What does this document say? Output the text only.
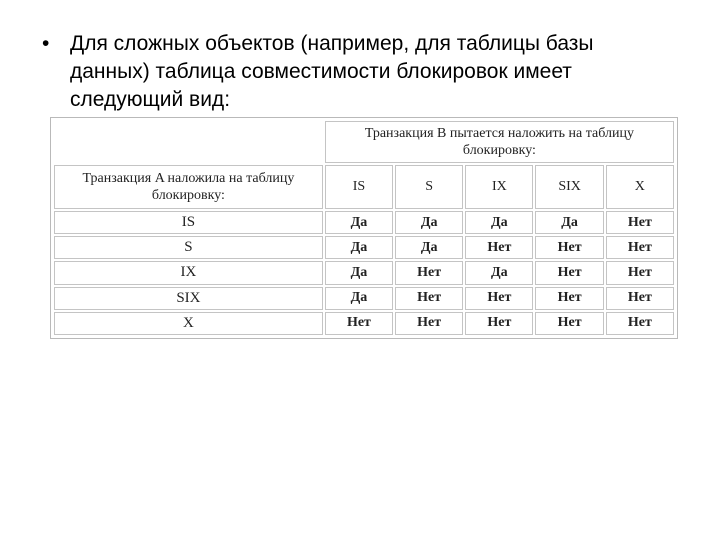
• Для сложных объектов (например, для таблицы базы данных) таблица совместимости блокировок имеет следующий вид:
	Транзакция B пытается наложить на таблицу блокировку:				
Транзакция A наложила на таблицу блокировку:	IS	S	IX	SIX	X
IS	Да	Да	Да	Да	Нет
S	Да	Да	Нет	Нет	Нет
IX	Да	Нет	Да	Нет	Нет
SIX	Да	Нет	Нет	Нет	Нет
X	Нет	Нет	Нет	Нет	Нет
